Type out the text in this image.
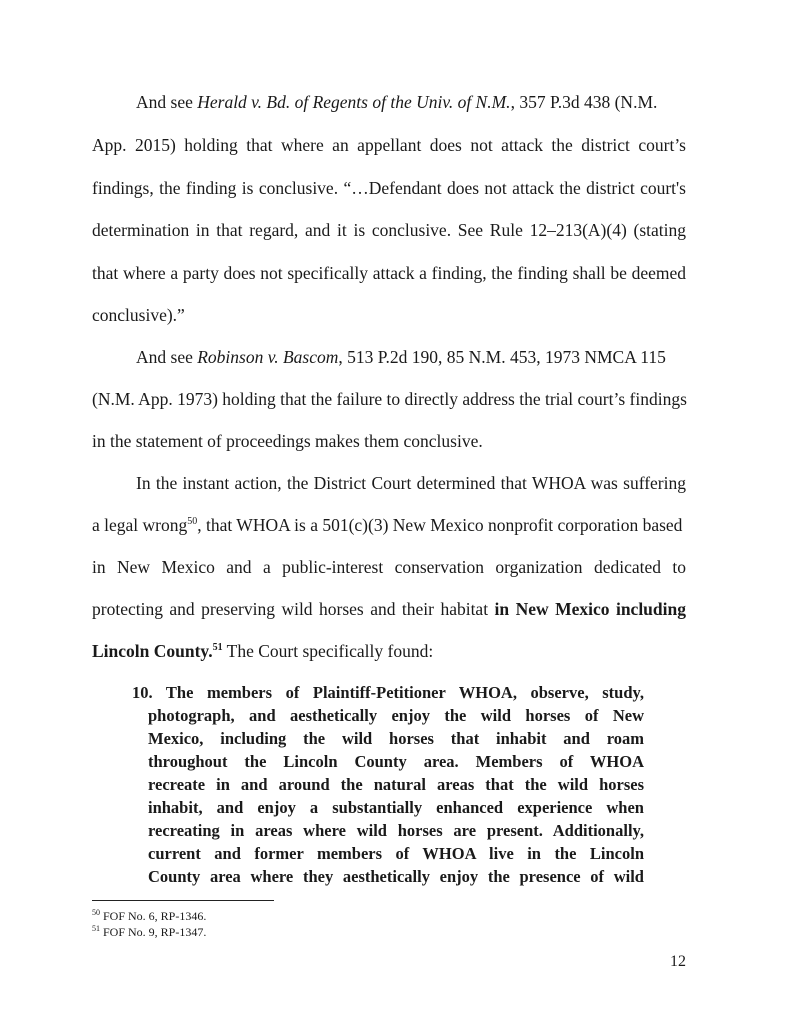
And see Herald v. Bd. of Regents of the Univ. of N.M., 357 P.3d 438 (N.M.
App. 2015) holding that where an appellant does not attack the district court’s
findings, the finding is conclusive. “…Defendant does not attack the district court's
determination in that regard, and it is conclusive. See Rule 12–213(A)(4) (stating
that where a party does not specifically attack a finding, the finding shall be deemed
conclusive).”
And see Robinson v. Bascom, 513 P.2d 190, 85 N.M. 453, 1973 NMCA 115
(N.M. App. 1973) holding that the failure to directly address the trial court’s findings
in the statement of proceedings makes them conclusive.
In the instant action, the District Court determined that WHOA was suffering
a legal wrong$^{50}$, that WHOA is a 501(c)(3) New Mexico nonprofit corporation based
in New Mexico and a public-interest conservation organization dedicated to
protecting and preserving wild horses and their habitat in New Mexico including
Lincoln County.$^{51}$ The Court specifically found:
10. The members of Plaintiff-Petitioner WHOA, observe, study,
photograph, and aesthetically enjoy the wild horses of New
Mexico, including the wild horses that inhabit and roam
throughout the Lincoln County area. Members of WHOA
recreate in and around the natural areas that the wild horses
inhabit, and enjoy a substantially enhanced experience when
recreating in areas where wild horses are present. Additionally,
current and former members of WHOA live in the Lincoln
County area where they aesthetically enjoy the presence of wild
$^{50}$ FOF No. 6, RP-1346.
$^{51}$ FOF No. 9, RP-1347.
12
